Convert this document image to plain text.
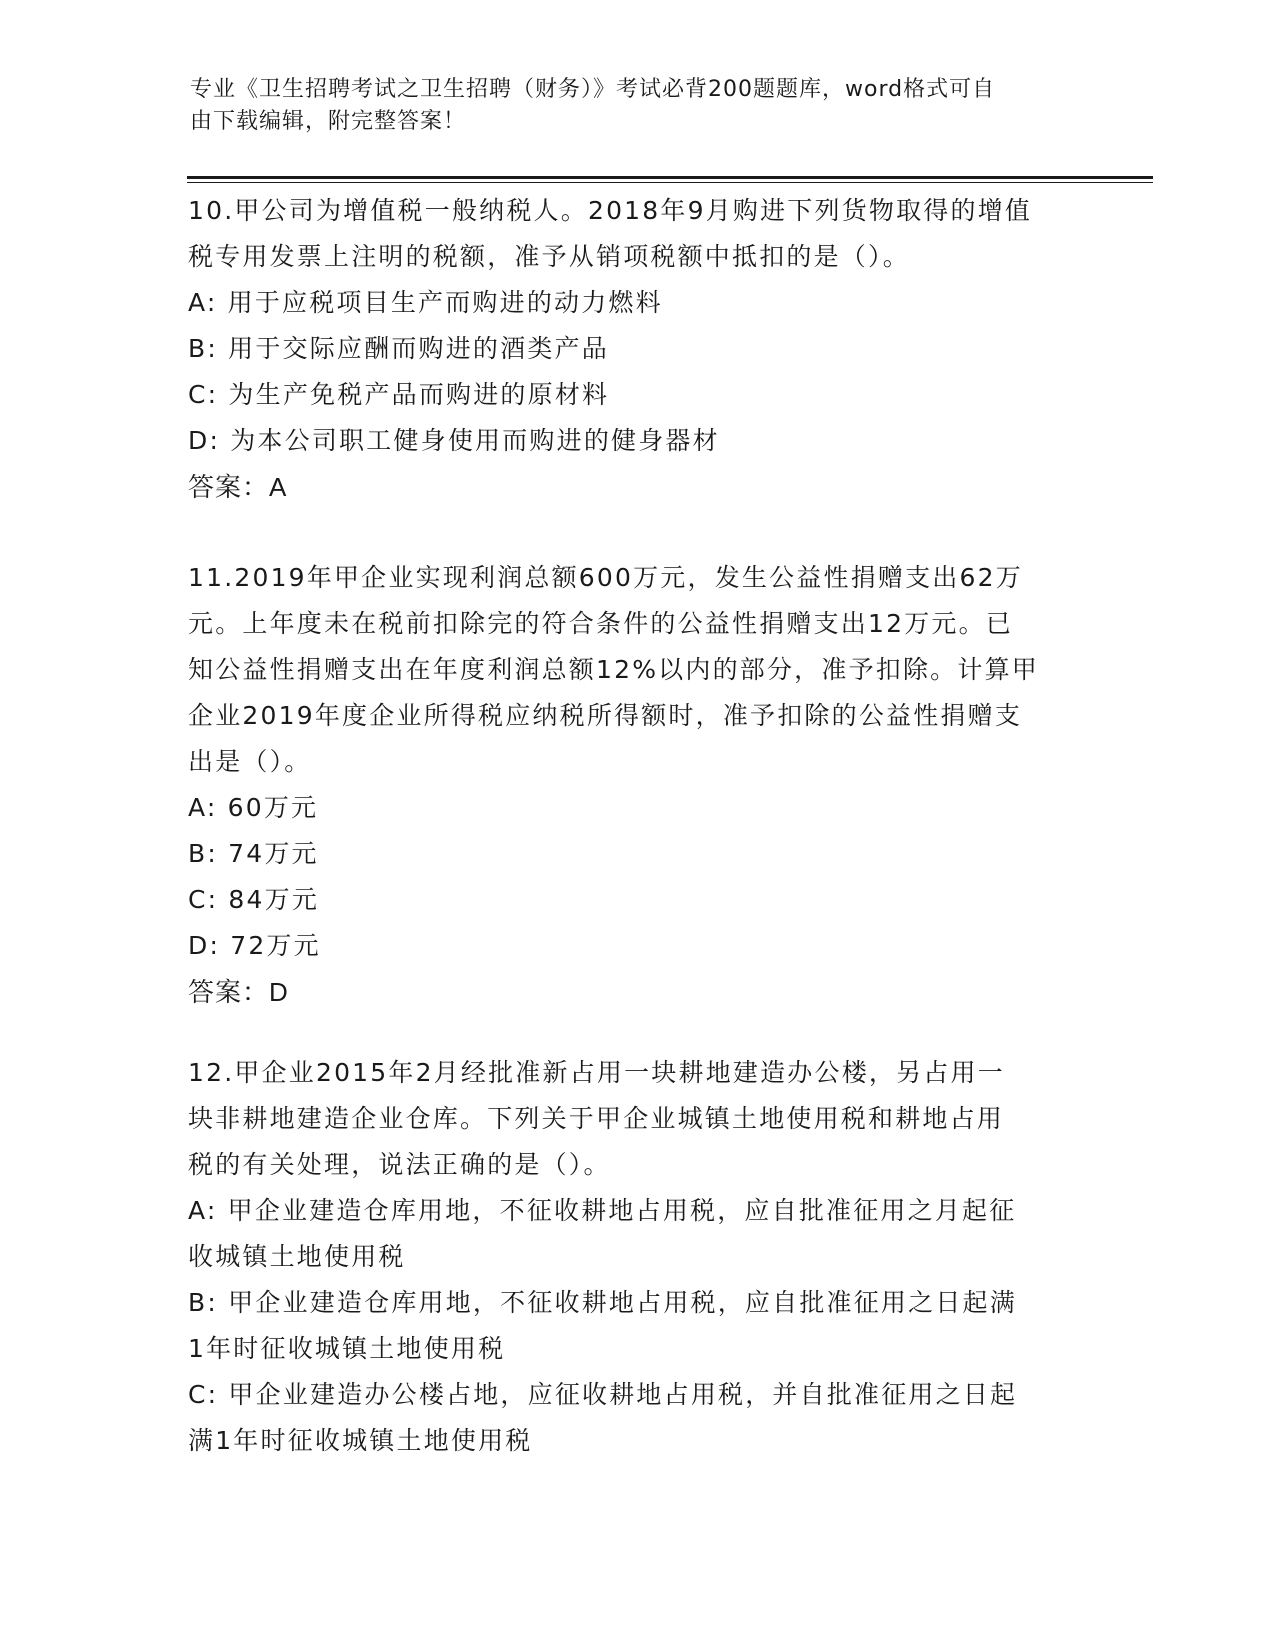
专业《卫生招聘考试之卫生招聘（财务）》考试必背200题题库，word格式可自
由下载编辑，附完整答案！
10.甲公司为增值税一般纳税人。2018年9月购进下列货物取得的增值
税专用发票上注明的税额，准予从销项税额中抵扣的是（）。
A: 用于应税项目生产而购进的动力燃料
B: 用于交际应酬而购进的酒类产品
C: 为生产免税产品而购进的原材料
D: 为本公司职工健身使用而购进的健身器材
答案：A
11.2019年甲企业实现利润总额600万元，发生公益性捐赠支出62万
元。上年度未在税前扣除完的符合条件的公益性捐赠支出12万元。已
知公益性捐赠支出在年度利润总额12%以内的部分，准予扣除。计算甲
企业2019年度企业所得税应纳税所得额时，准予扣除的公益性捐赠支
出是（）。
A: 60万元
B: 74万元
C: 84万元
D: 72万元
答案：D
12.甲企业2015年2月经批准新占用一块耕地建造办公楼，另占用一
块非耕地建造企业仓库。下列关于甲企业城镇土地使用税和耕地占用
税的有关处理，说法正确的是（）。
A: 甲企业建造仓库用地，不征收耕地占用税，应自批准征用之月起征
收城镇土地使用税
B: 甲企业建造仓库用地，不征收耕地占用税，应自批准征用之日起满
1年时征收城镇土地使用税
C: 甲企业建造办公楼占地，应征收耕地占用税，并自批准征用之日起
满1年时征收城镇土地使用税
